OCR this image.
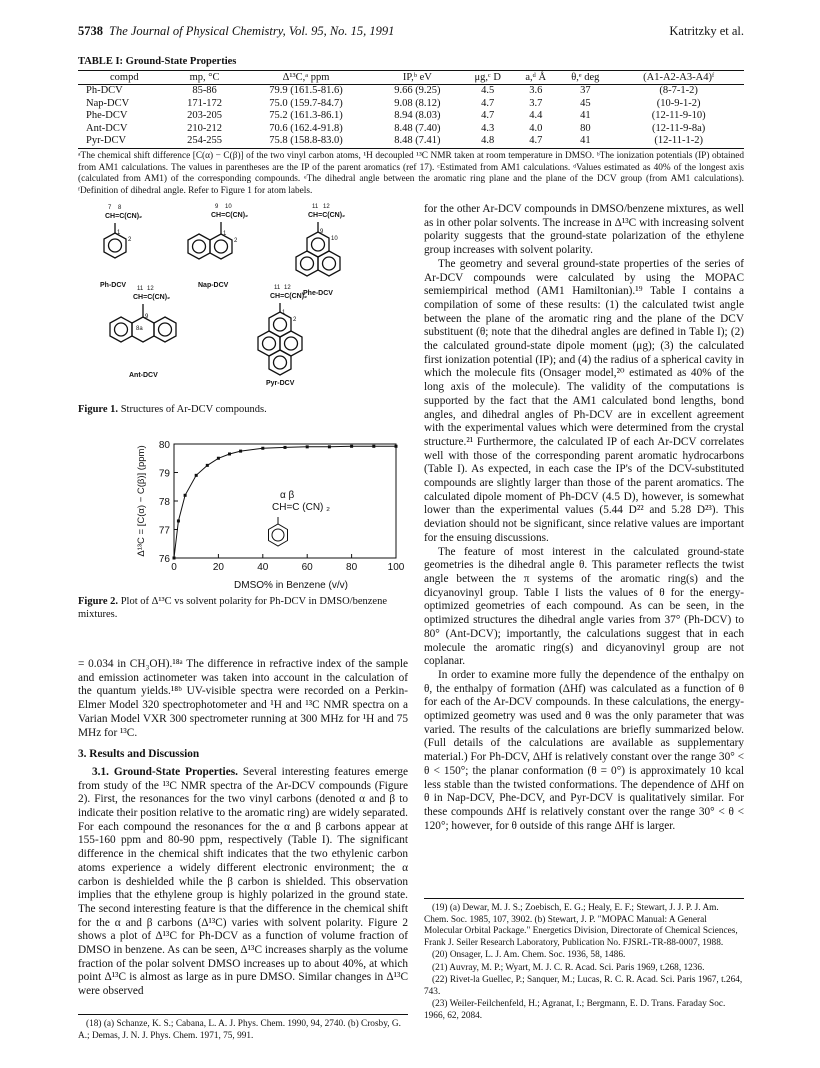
5738 The Journal of Physical Chemistry, Vol. 95, No. 15, 1991	Katritzky et al.
TABLE I: Ground-State Properties
compd	mp, °C	Δ¹³C,ᵃ ppm	IP,ᵇ eV	μg,ᶜ D	a,ᵈ Å	θ,ᵉ deg	(A1-A2-A3-A4)ᶠ
Ph-DCV	85-86	79.9 (161.5-81.6)	9.66 (9.25)	4.5	3.6	37	(8-7-1-2)
Nap-DCV	171-172	75.0 (159.7-84.7)	9.08 (8.12)	4.7	3.7	45	(10-9-1-2)
Phe-DCV	203-205	75.2 (161.3-86.1)	8.94 (8.03)	4.7	4.4	41	(12-11-9-10)
Ant-DCV	210-212	70.6 (162.4-91.8)	8.48 (7.40)	4.3	4.0	80	(12-11-9-8a)
Pyr-DCV	254-255	75.8 (158.8-83.0)	8.48 (7.41)	4.8	4.7	41	(12-11-1-2)
ᵃThe chemical shift difference [C(α) − C(β)] of the two vinyl carbon atoms, ¹H decoupled ¹³C NMR taken at room temperature in DMSO. ᵇThe ionization potentials (IP) obtained from AM1 calculations. The values in parentheses are the IP of the parent aromatics (ref 17). ᶜEstimated from AM1 calculations. ᵈValues estimated as 40% of the longest axis (calculated from AM1) of the corresponding compounds. ᵉThe dihedral angle between the aromatic ring plane and the plane of the DCV group (from AM1 calculations). ᶠDefinition of dihedral angle. Refer to Figure 1 for atom labels.
CH=C(CN)₂	CH=C(CN)₂	CH=C(CN)₂
CH=C(CN)₂	CH=C(CN)₂
7 8
1
2
9 10
1
2
11 12
9
10
11 12
9
8a
11 12
1
2
Ph-DCV	Nap-DCV
Phe-DCV
Ant-DCV
Pyr-DCV
Figure 1. Structures of Ar-DCV compounds.
0	20	40	60	80	100
76
77
78
79
80
DMSO% in Benzene (v/v)
Δ¹³C = [C(α) − C(β)] (ppm)	α β
CH=C (CN) ₂
Figure 2. Plot of Δ¹³C vs solvent polarity for Ph-DCV in DMSO/benzene mixtures.

= 0.034 in CH₃OH).¹⁸ᵃ The difference in refractive index of the sample and emission actinometer was taken into account in the calculation of the quantum yields.¹⁸ᵇ UV-visible spectra were recorded on a Perkin-Elmer Model 320 spectrophotometer and ¹H and ¹³C NMR spectra on a Varian Model VXR 300 spectrometer running at 300 MHz for ¹H and 75 MHz for ¹³C.

3. Results and Discussion

3.1. Ground-State Properties. Several interesting features emerge from study of the ¹³C NMR spectra of the Ar-DCV compounds (Figure 2). First, the resonances for the two vinyl carbons (denoted α and β to indicate their position relative to the aromatic ring) are widely separated. For each compound the resonances for the α and β carbons appear at 155-160 ppm and 80-90 ppm, respectively (Table I). The significant difference in the chemical shift indicates that the two ethylenic carbon atoms experience a widely different electronic environment; the α carbon is deshielded while the β carbon is shielded. This observation implies that the ethylene group is highly polarized in the ground state. The second interesting feature is that the difference in the chemical shift for the α and β carbons (Δ¹³C) varies with solvent polarity. Figure 2 shows a plot of Δ¹³C for Ph-DCV as a function of volume fraction of DMSO in benzene. As can be seen, Δ¹³C increases sharply as the volume fraction of the polar solvent DMSO increases up to about 40%, at which point Δ¹³C is almost as large as in pure DMSO. Similar changes in Δ¹³C were observed

(18) (a) Schanze, K. S.; Cabana, L. A. J. Phys. Chem. 1990, 94, 2740. (b) Crosby, G. A.; Demas, J. N. J. Phys. Chem. 1971, 75, 991.

for the other Ar-DCV compounds in DMSO/benzene mixtures, as well as in other polar solvents. The increase in Δ¹³C with increasing solvent polarity suggests that the ground-state polarization of the ethylene group increases with solvent polarity.

The geometry and several ground-state properties of the series of Ar-DCV compounds were calculated by using the MOPAC semiempirical method (AM1 Hamiltonian).¹⁹ Table I contains a compilation of some of these results: (1) the calculated twist angle between the plane of the aromatic ring and the plane of the DCV substituent (θ; note that the dihedral angles are defined in Table I); (2) the calculated ground-state dipole moment (μg); (3) the calculated first ionization potential (IP); and (4) the radius of a spherical cavity in which the molecule fits (Onsager model,²⁰ estimated as 40% of the long axis of the molecule). The validity of the computations is supported by the fact that the AM1 calculated bond lengths, bond angles, and dihedral angles of Ph-DCV are in excellent agreement with the experimental values which were determined from the crystal structure.²¹ Furthermore, the calculated IP of each Ar-DCV correlates well with those of the corresponding parent aromatic hydrocarbons (Table I). As expected, in each case the IP's of the DCV-substituted compounds are slightly larger than those of the parent aromatics. The calculated dipole moment of Ph-DCV (4.5 D), however, is somewhat lower than the experimental values (5.44 D²² and 5.28 D²³). This deviation should not be significant, since relative values are important for the ensuing discussions.

The feature of most interest in the calculated ground-state geometries is the dihedral angle θ. This parameter reflects the twist angle between the π systems of the aromatic ring(s) and the dicyanovinyl group. Table I lists the values of θ for the energy-optimized geometries of each compound. As can be seen, in the optimized structures the dihedral angle varies from 37° (Ph-DCV) to 80° (Ant-DCV); importantly, the calculations suggest that in each molecule the aromatic ring(s) and dicyanovinyl group are not coplanar.

In order to examine more fully the dependence of the enthalpy on θ, the enthalpy of formation (ΔHf) was calculated as a function of θ for each of the Ar-DCV compounds. In these calculations, the energy-optimized geometry was used and θ was the only parameter that was varied. The results of the calculations are briefly summarized below. (Full details of the calculations are available as supplementary material.) For Ph-DCV, ΔHf is relatively constant over the range 30° < θ < 150°; the planar conformation (θ = 0°) is approximately 10 kcal less stable than the twisted conformations. The dependence of ΔHf on θ in Nap-DCV, Phe-DCV, and Pyr-DCV is qualitatively similar. For these compounds ΔHf is relatively constant over the range 30° < θ < 120°; however, for θ outside of this range ΔHf is larger.

(19) (a) Dewar, M. J. S.; Zoebisch, E. G.; Healy, E. F.; Stewart, J. J. P. J. Am. Chem. Soc. 1985, 107, 3902. (b) Stewart, J. P. "MOPAC Manual: A General Molecular Orbital Package." Energetics Division, Directorate of Chemical Sciences, Frank J. Seiler Research Laboratory, Publication No. FJSRL-TR-88-0007, 1988.
(20) Onsager, L. J. Am. Chem. Soc. 1936, 58, 1486.
(21) Auvray, M. P.; Wyart, M. J. C. R. Acad. Sci. Paris 1969, t.268, 1236.
(22) Rivet-la Guellec, P.; Sanquer, M.; Lucas, R. C. R. Acad. Sci. Paris 1967, t.264, 743.
(23) Weiler-Feilchenfeld, H.; Agranat, I.; Bergmann, E. D. Trans. Faraday Soc. 1966, 62, 2084.
